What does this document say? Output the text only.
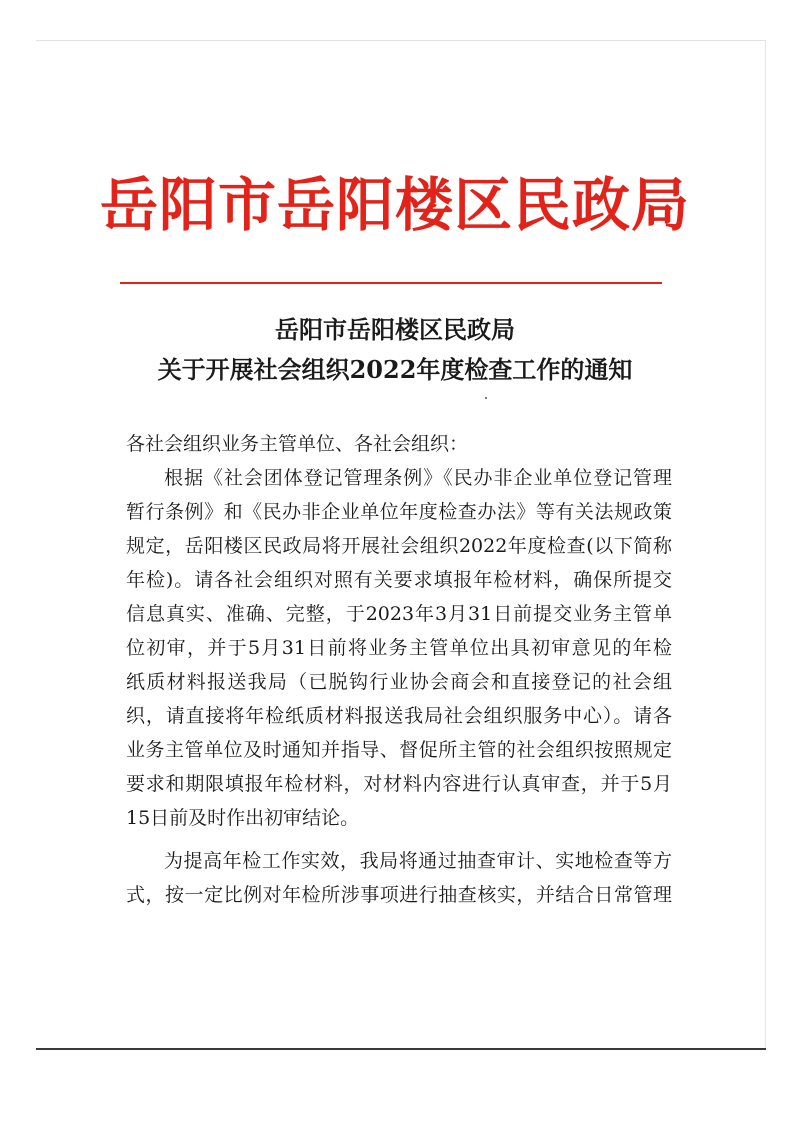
岳阳市岳阳楼区民政局
岳阳市岳阳楼区民政局
关于开展社会组织2022年度检查工作的通知
各社会组织业务主管单位、各社会组织：
根据《社会团体登记管理条例》《民办非企业单位登记管理
暂行条例》和《民办非企业单位年度检查办法》等有关法规政策
规定，岳阳楼区民政局将开展社会组织2022年度检查(以下简称
年检)。请各社会组织对照有关要求填报年检材料，确保所提交
信息真实、准确、完整，于2023年3月31日前提交业务主管单
位初审，并于5月31日前将业务主管单位出具初审意见的年检
纸质材料报送我局（已脱钩行业协会商会和直接登记的社会组
织，请直接将年检纸质材料报送我局社会组织服务中心）。请各
业务主管单位及时通知并指导、督促所主管的社会组织按照规定
要求和期限填报年检材料，对材料内容进行认真审查，并于5月
15日前及时作出初审结论。
为提高年检工作实效，我局将通过抽查审计、实地检查等方
式，按一定比例对年检所涉事项进行抽查核实，并结合日常管理
